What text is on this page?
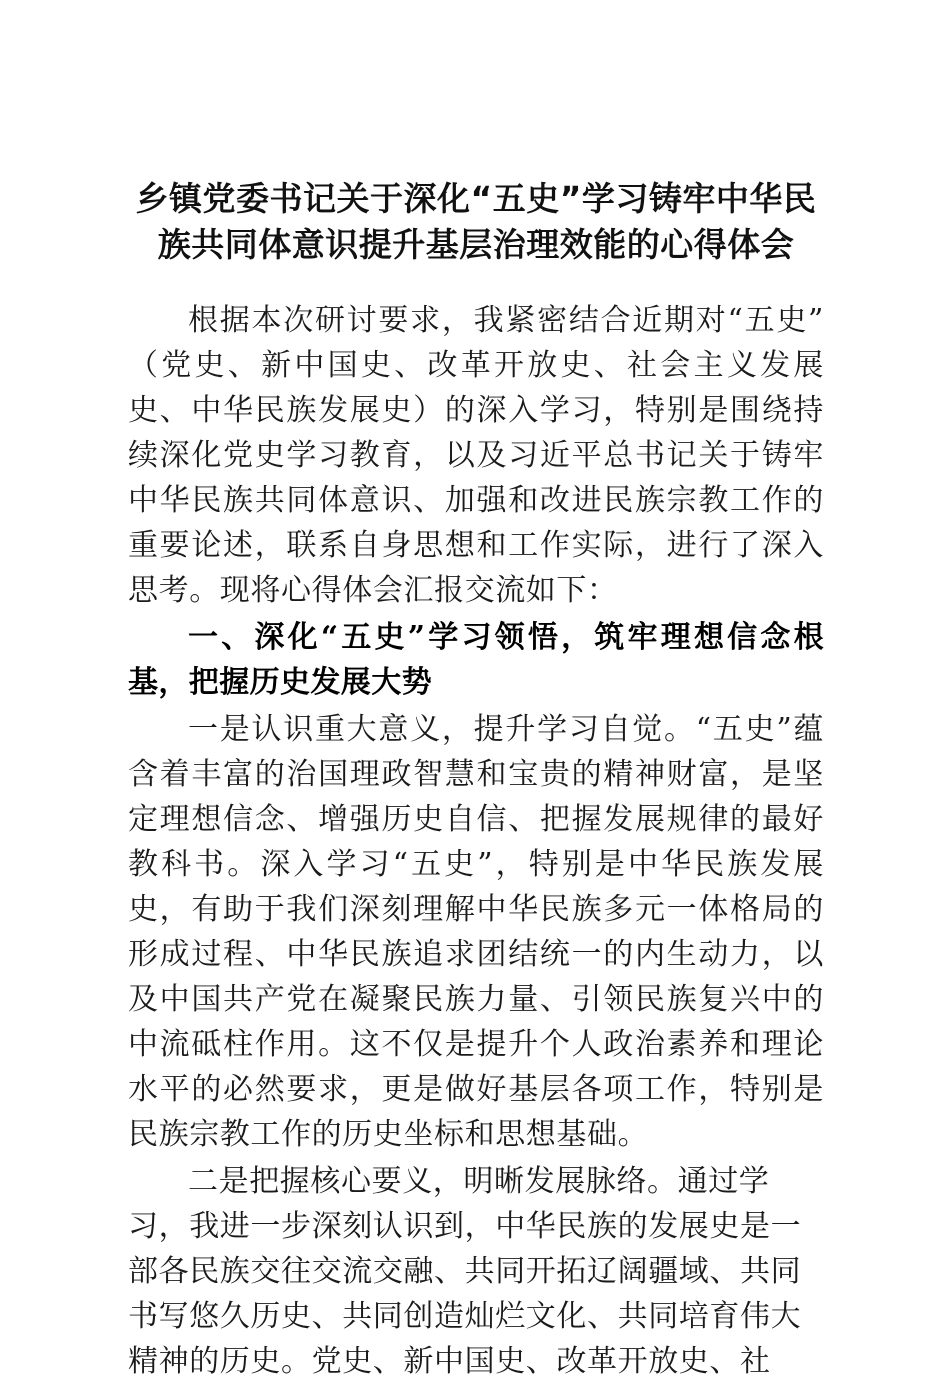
乡镇党委书记关于深化“五史”学习铸牢中华民族共同体意识提升基层治理效能的心得体会

根据本次研讨要求，我紧密结合近期对“五史”（党史、新中国史、改革开放史、社会主义发展史、中华民族发展史）的深入学习，特别是围绕持续深化党史学习教育，以及习近平总书记关于铸牢中华民族共同体意识、加强和改进民族宗教工作的重要论述，联系自身思想和工作实际，进行了深入思考。现将心得体会汇报交流如下：

一、深化“五史”学习领悟，筑牢理想信念根基，把握历史发展大势

一是认识重大意义，提升学习自觉。“五史”蕴含着丰富的治国理政智慧和宝贵的精神财富，是坚定理想信念、增强历史自信、把握发展规律的最好教科书。深入学习“五史”，特别是中华民族发展史，有助于我们深刻理解中华民族多元一体格局的形成过程、中华民族追求团结统一的内生动力，以及中国共产党在凝聚民族力量、引领民族复兴中的中流砥柱作用。这不仅是提升个人政治素养和理论水平的必然要求，更是做好基层各项工作，特别是民族宗教工作的历史坐标和思想基础。

二是把握核心要义，明晰发展脉络。通过学习，我进一步深刻认识到，中华民族的发展史是一部各民族交往交流交融、共同开拓辽阔疆域、共同书写悠久历史、共同创造灿烂文化、共同培育伟大精神的历史。党史、新中国史、改革开放史、社
